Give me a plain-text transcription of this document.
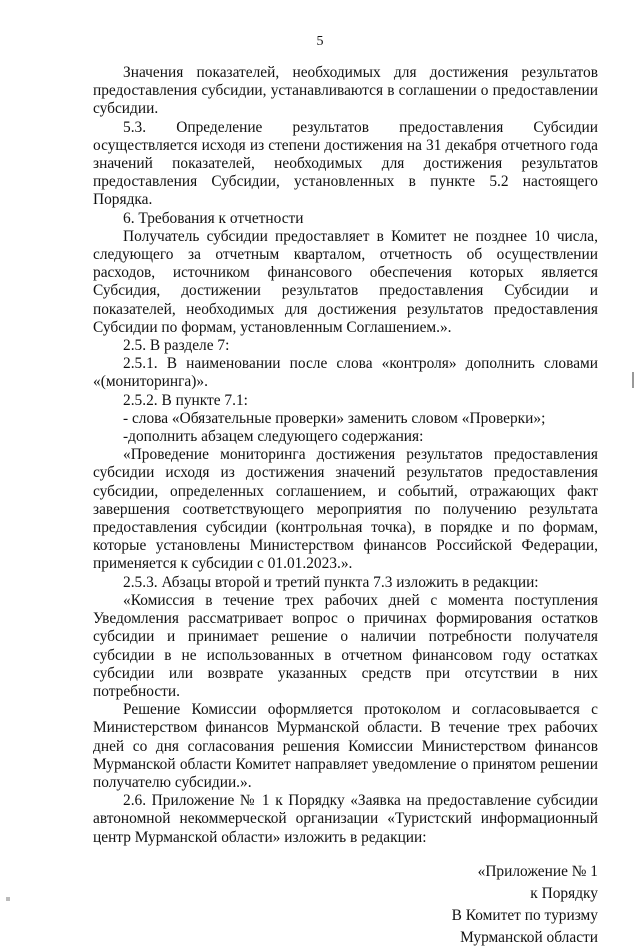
5

Значения показателей, необходимых для достижения результатов предоставления субсидии, устанавливаются в соглашении о предоставлении субсидии.

5.3. Определение результатов предоставления Субсидии осуществляется исходя из степени достижения на 31 декабря отчетного года значений показателей, необходимых для достижения результатов предоставления Субсидии, установленных в пункте 5.2 настоящего Порядка.

6. Требования к отчетности

Получатель субсидии предоставляет в Комитет не позднее 10 числа, следующего за отчетным кварталом, отчетность об осуществлении расходов, источником финансового обеспечения которых является Субсидия, достижении результатов предоставления Субсидии и показателей, необходимых для достижения результатов предоставления Субсидии по формам, установленным Соглашением.».

2.5. В разделе 7:

2.5.1. В наименовании после слова «контроля» дополнить словами «(мониторинга)».

2.5.2. В пункте 7.1:

- слова «Обязательные проверки» заменить словом «Проверки»;

-дополнить абзацем следующего содержания:

«Проведение мониторинга достижения результатов предоставления субсидии исходя из достижения значений результатов предоставления субсидии, определенных соглашением, и событий, отражающих факт завершения соответствующего мероприятия по получению результата предоставления субсидии (контрольная точка), в порядке и по формам, которые установлены Министерством финансов Российской Федерации, применяется к субсидии с 01.01.2023.».

2.5.3. Абзацы второй и третий пункта 7.3 изложить в редакции:

«Комиссия в течение трех рабочих дней с момента поступления Уведомления рассматривает вопрос о причинах формирования остатков субсидии и принимает решение о наличии потребности получателя субсидии в не использованных в отчетном финансовом году остатках субсидии или возврате указанных средств при отсутствии в них потребности.

Решение Комиссии оформляется протоколом и согласовывается с Министерством финансов Мурманской области. В течение трех рабочих дней со дня согласования решения Комиссии Министерством финансов Мурманской области Комитет направляет уведомление о принятом решении получателю субсидии.».

2.6. Приложение № 1 к Порядку «Заявка на предоставление субсидии автономной некоммерческой организации «Туристский информационный центр Мурманской области» изложить в редакции:

«Приложение № 1

к Порядку

В Комитет по туризму

Мурманской области
